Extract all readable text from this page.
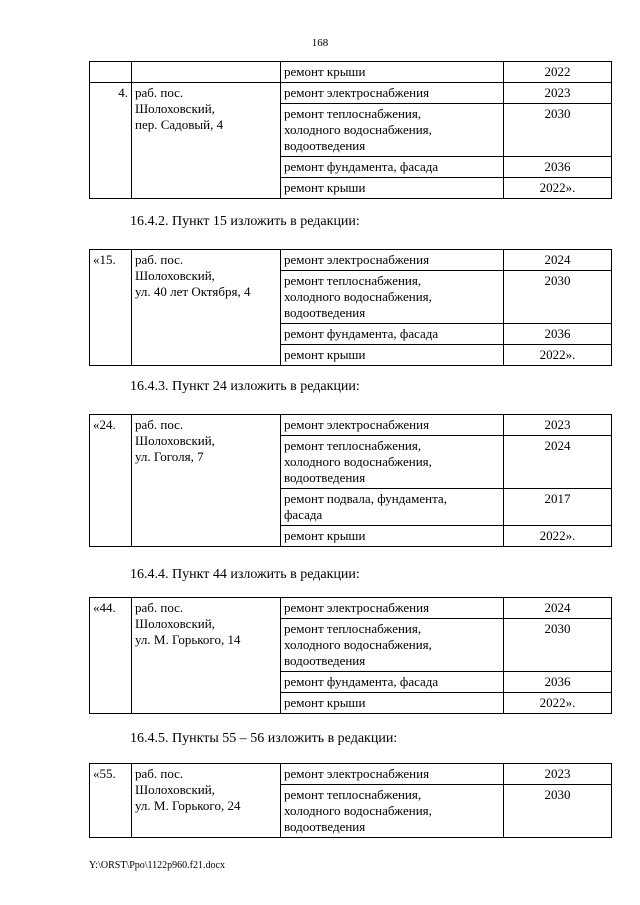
168
		ремонт крыши	2022
4.	раб. пос.
Шолоховский,
пер. Садовый, 4	ремонт электроснабжения	2023

		ремонт теплоснабжения,
холодного водоснабжения,
водоотведения	2030

		ремонт фундамента, фасада	2036

		ремонт крыши	2022».
16.4.2. Пункт 15 изложить в редакции:
«15.	раб. пос.
Шолоховский,
ул. 40 лет Октября, 4	ремонт электроснабжения	2024

		ремонт теплоснабжения,
холодного водоснабжения,
водоотведения	2030

		ремонт фундамента, фасада	2036

		ремонт крыши	2022».
16.4.3. Пункт 24 изложить в редакции:
«24.	раб. пос.
Шолоховский,
ул. Гоголя, 7	ремонт электроснабжения	2023

		ремонт теплоснабжения,
холодного водоснабжения,
водоотведения	2024

		ремонт подвала, фундамента,
фасада	2017

		ремонт крыши	2022».
16.4.4. Пункт 44 изложить в редакции:
«44.	раб. пос.
Шолоховский,
ул. М. Горького, 14	ремонт электроснабжения	2024

		ремонт теплоснабжения,
холодного водоснабжения,
водоотведения	2030

		ремонт фундамента, фасада	2036

		ремонт крыши	2022».
16.4.5. Пункты 55 – 56 изложить в редакции:
«55.	раб. пос.
Шолоховский,
ул. М. Горького, 24	ремонт электроснабжения	2023

		ремонт теплоснабжения,
холодного водоснабжения,
водоотведения	2030
Y:\ORST\Ppo\1122p960.f21.docx
